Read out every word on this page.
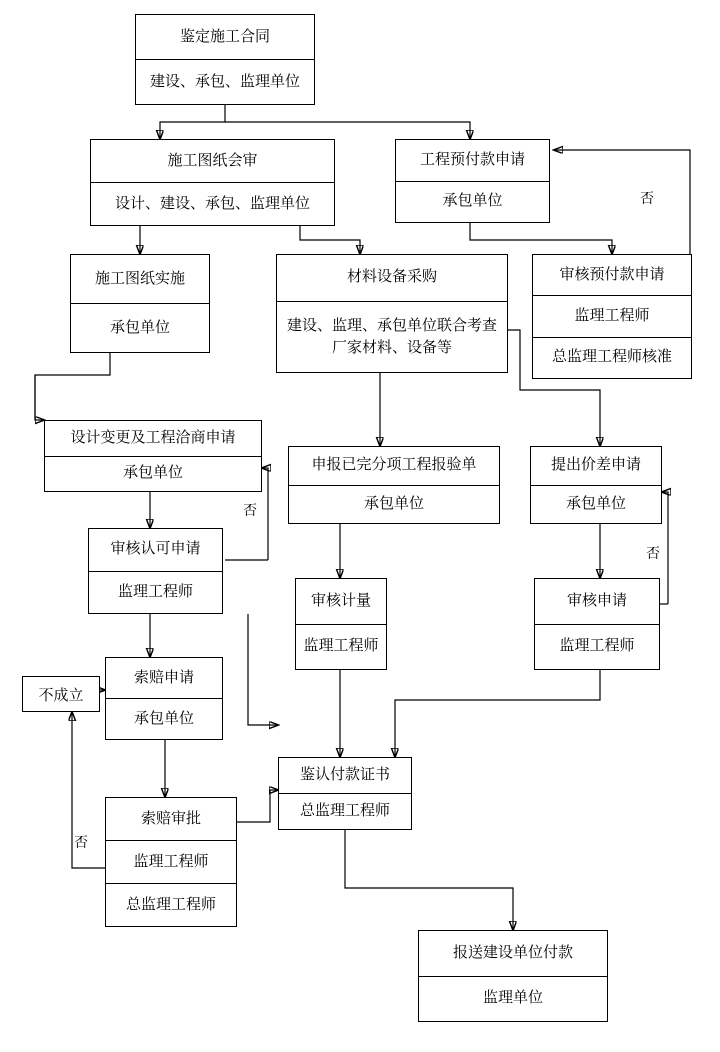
鉴定施工合同
建设、承包、监理单位
施工图纸会审
设计、建设、承包、监理单位
工程预付款申请
承包单位
审核预付款申请
监理工程师
总监理工程师核准
施工图纸实施
承包单位
材料设备采购
建设、监理、承包单位联合考查厂家材料、设备等
设计变更及工程洽商申请
承包单位	申报已完分项工程报验单
承包单位
提出价差申请
承包单位
审核认可申请
监理工程师
审核计量
监理工程师
审核申请
监理工程师
索赔申请
承包单位
不成立
鉴认付款证书
总监理工程师
索赔审批
监理工程师
总监理工程师
报送建设单位付款
监理单位
否
否
否
否
